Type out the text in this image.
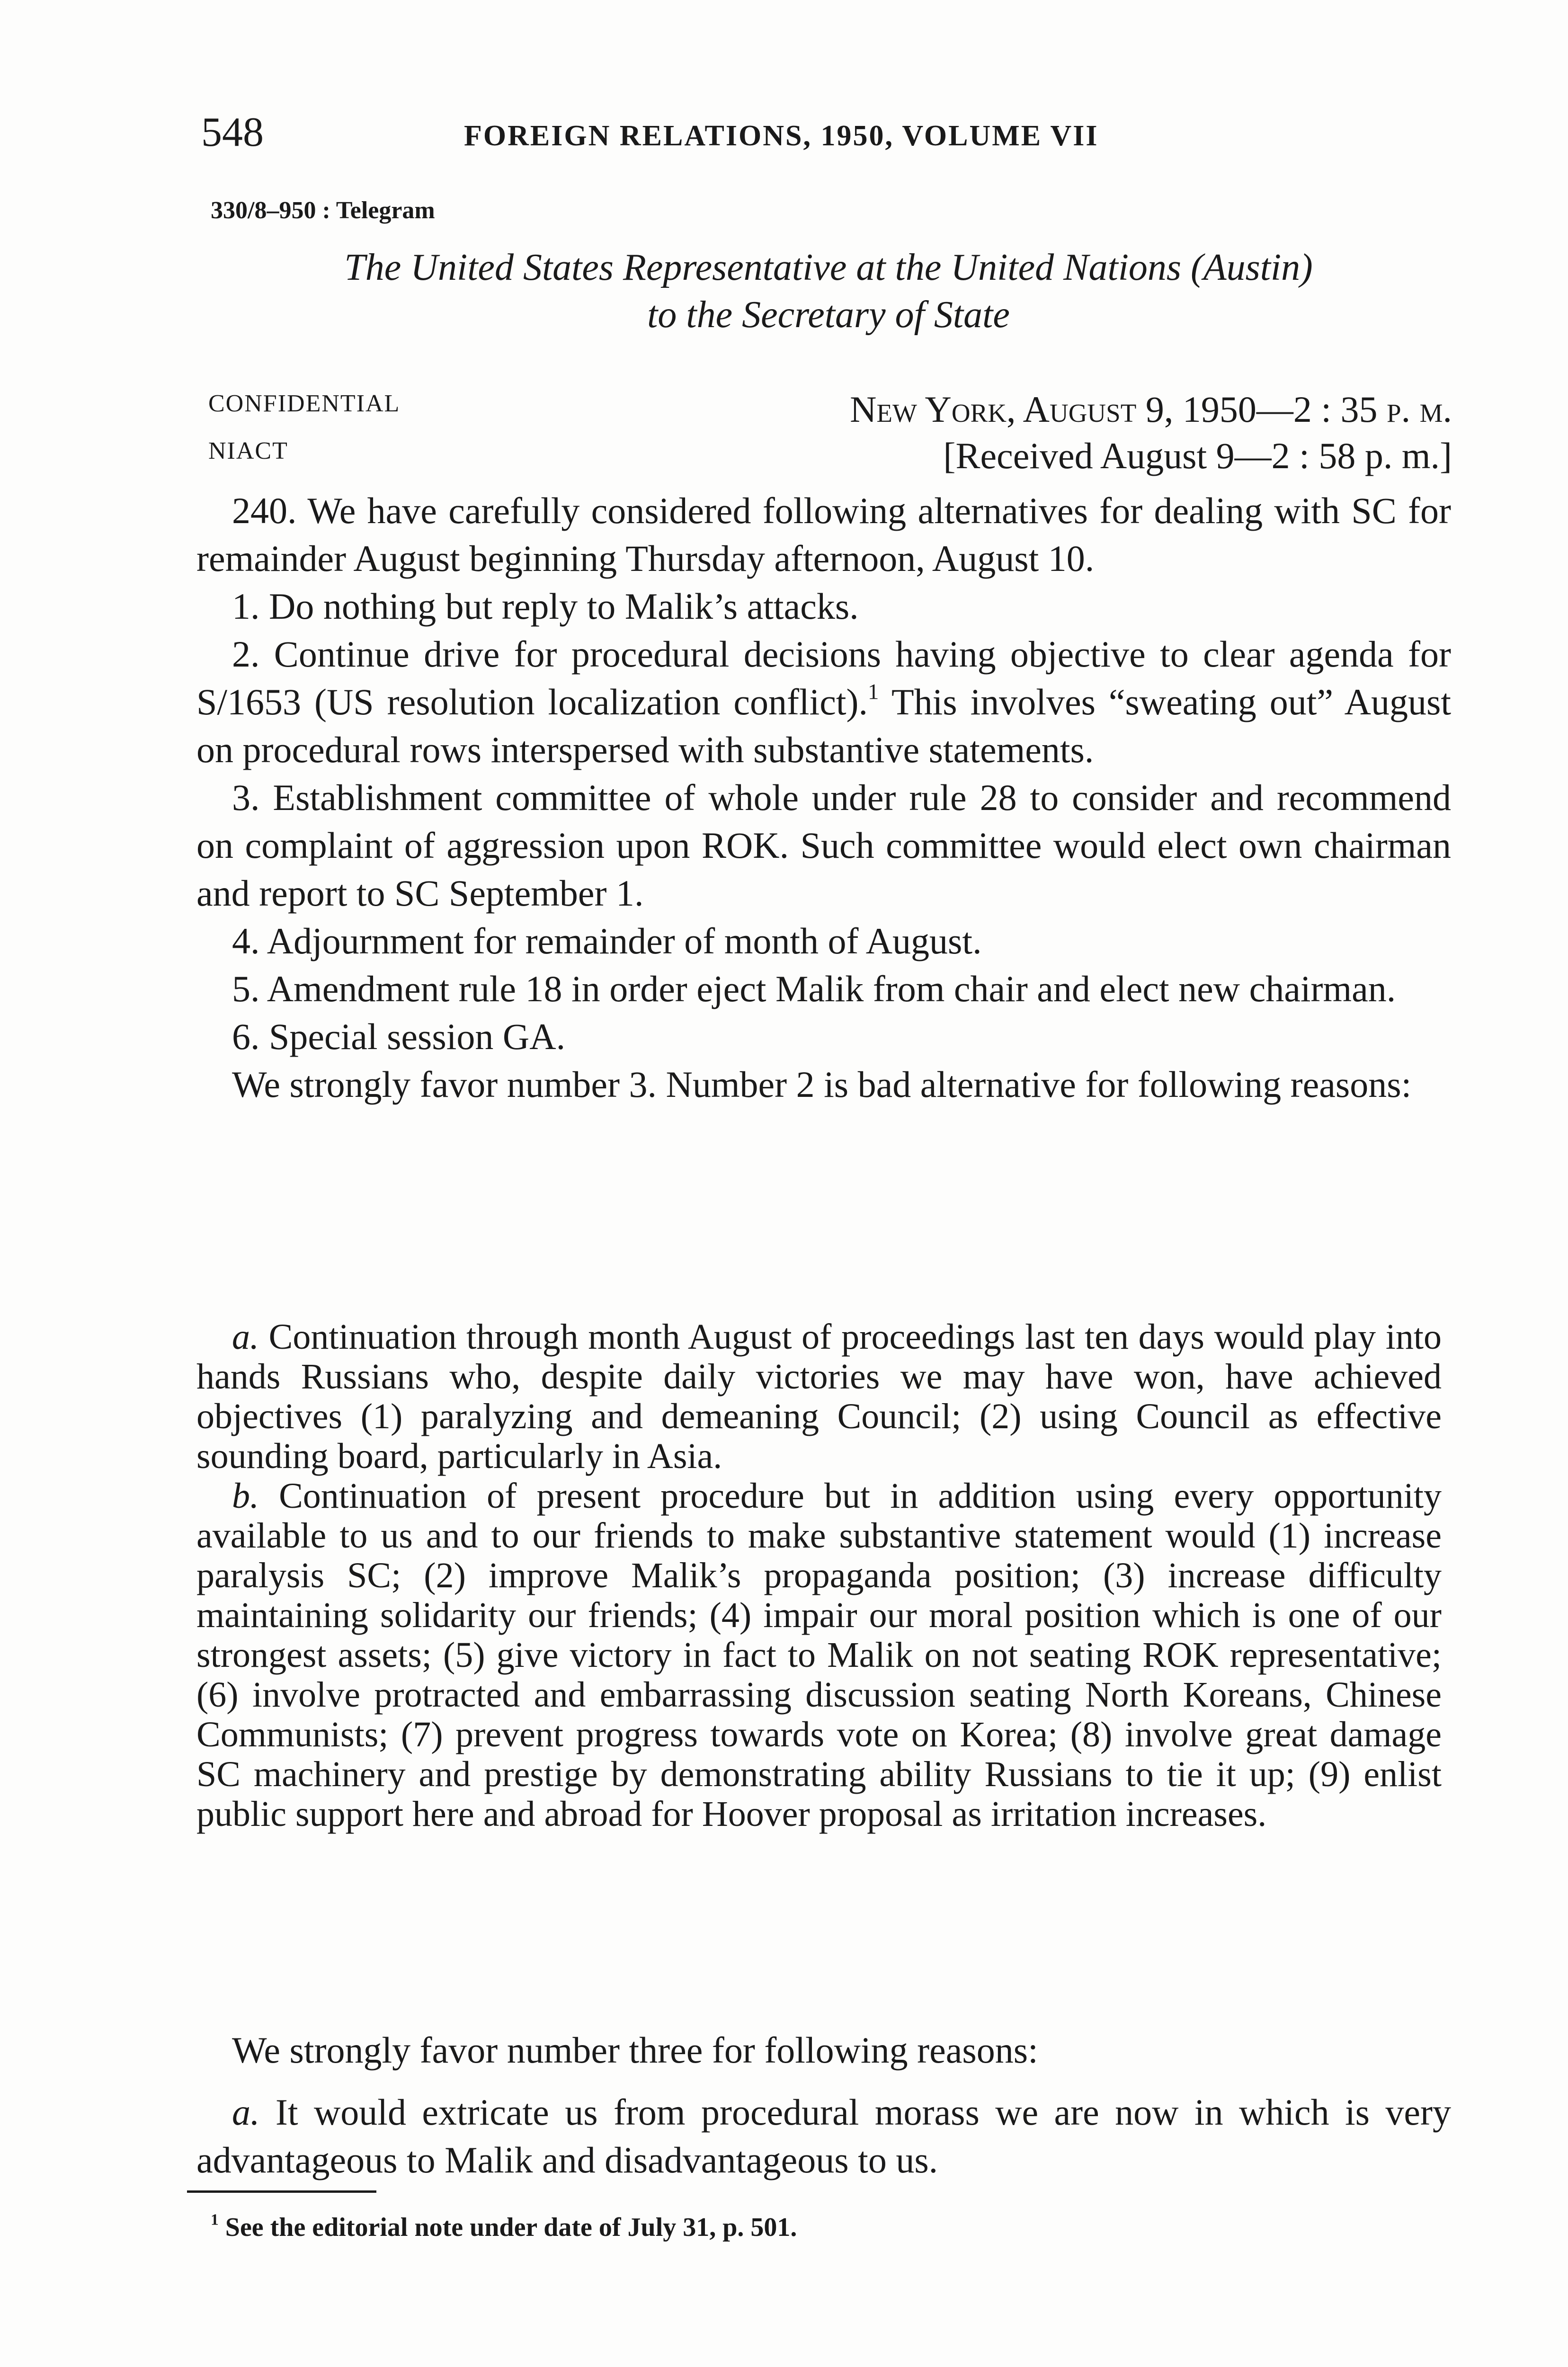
548	FOREIGN RELATIONS, 1950, VOLUME VII
330/8–950 : Telegram
The United States Representative at the United Nations (Austin)
to the Secretary of State
CONFIDENTIAL	New York, August 9, 1950—2 : 35 p. m.
NIACT	[Received August 9—2 : 58 p. m.]

240. We have carefully considered following alternatives for dealing with SC for remainder August beginning Thursday afternoon, August 10.

1. Do nothing but reply to Malik’s attacks.

2. Continue drive for procedural decisions having objective to clear agenda for S/1653 (US resolution localization conflict).$^1$ This involves “sweating out” August on procedural rows interspersed with substantive statements.

3. Establishment committee of whole under rule 28 to consider and recommend on complaint of aggression upon ROK. Such committee would elect own chairman and report to SC September 1.

4. Adjournment for remainder of month of August.

5. Amendment rule 18 in order eject Malik from chair and elect new chairman.

6. Special session GA.

We strongly favor number 3. Number 2 is bad alternative for following reasons:

a. Continuation through month August of proceedings last ten days would play into hands Russians who, despite daily victories we may have won, have achieved objectives (1) paralyzing and demeaning Council; (2) using Council as effective sounding board, particularly in Asia.

b. Continuation of present procedure but in addition using every opportunity available to us and to our friends to make substantive statement would (1) increase paralysis SC; (2) improve Malik’s propaganda position; (3) increase difficulty maintaining solidarity our friends; (4) impair our moral position which is one of our strongest assets; (5) give victory in fact to Malik on not seating ROK representative; (6) involve protracted and embarrassing discussion seating North Koreans, Chinese Communists; (7) prevent progress towards vote on Korea; (8) involve great damage SC machinery and prestige by demonstrating ability Russians to tie it up; (9) enlist public support here and abroad for Hoover proposal as irritation increases.

We strongly favor number three for following reasons:

a. It would extricate us from procedural morass we are now in which is very advantageous to Malik and disadvantageous to us.

$^1$ See the editorial note under date of July 31, p. 501.
